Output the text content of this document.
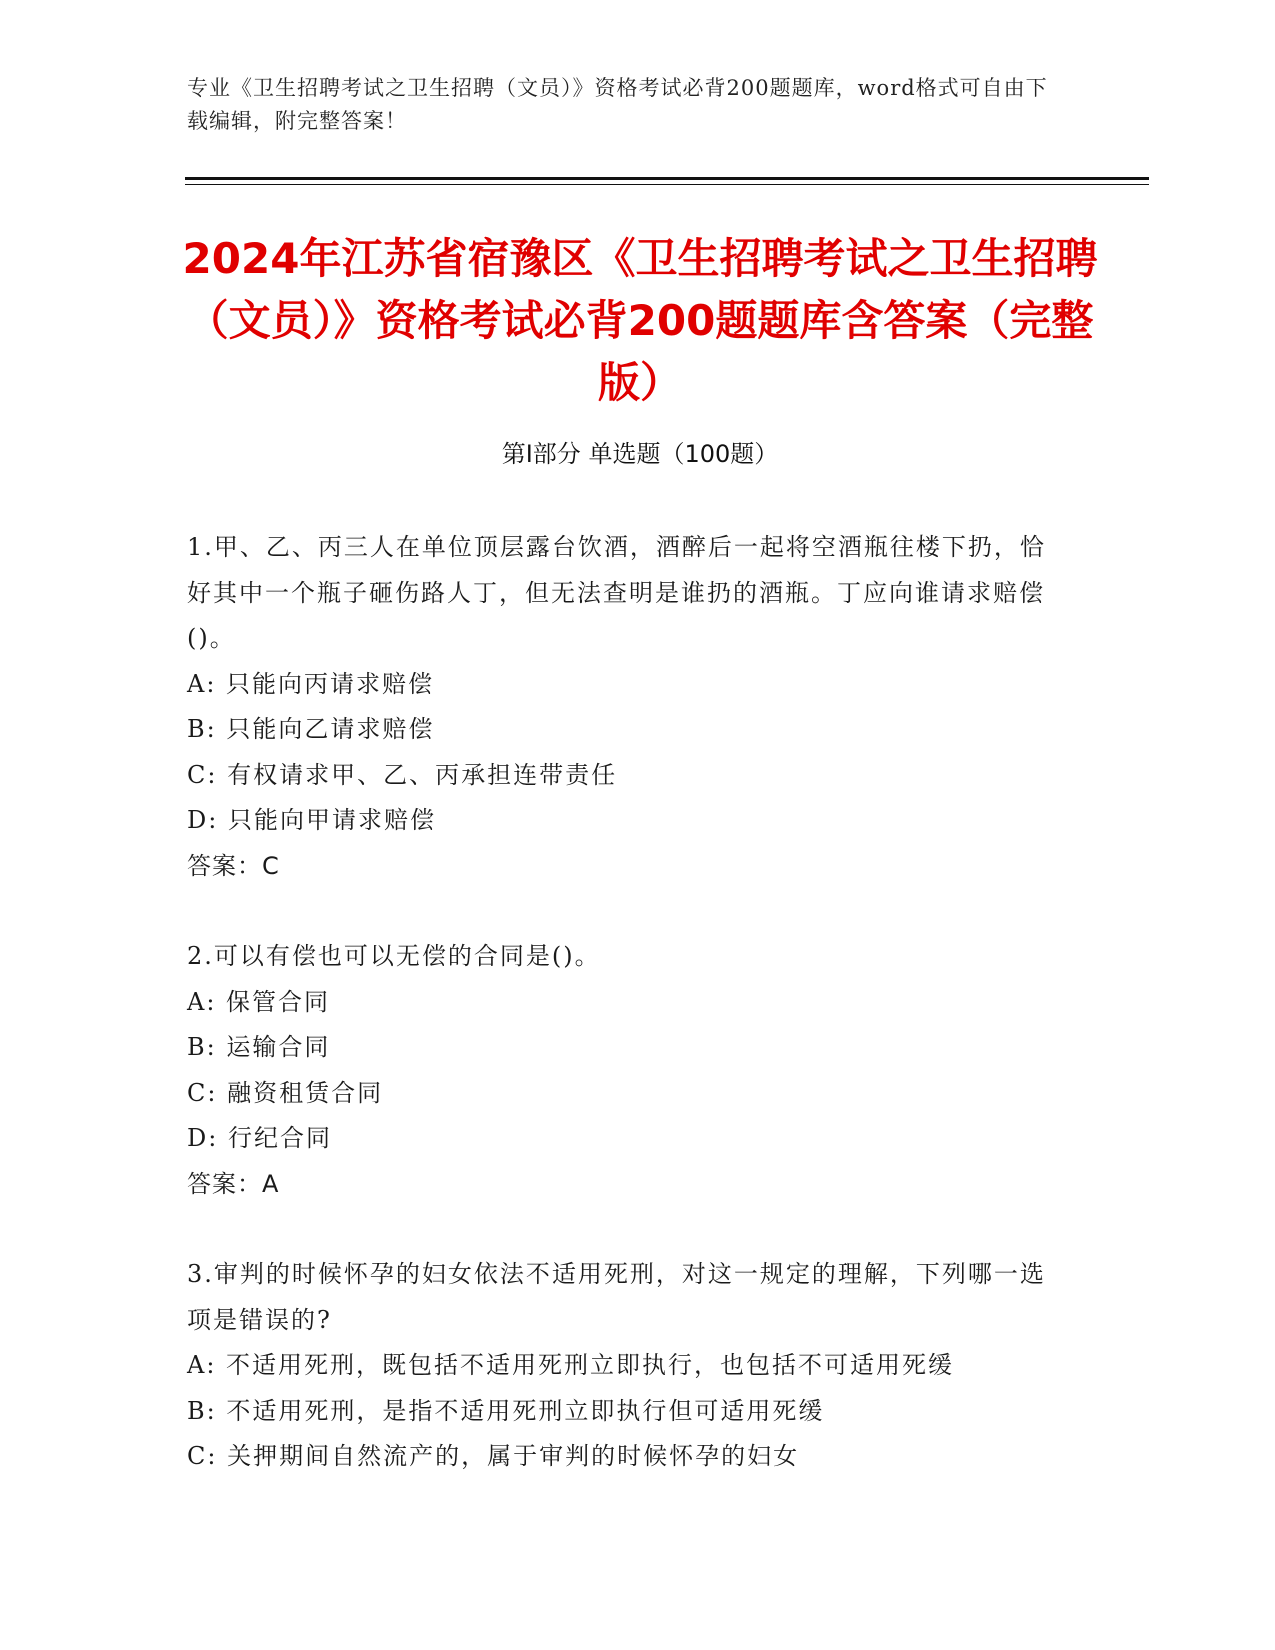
专业《卫生招聘考试之卫生招聘（文员）》资格考试必背200题题库，word格式可自由下载编辑，附完整答案！
2024年江苏省宿豫区《卫生招聘考试之卫生招聘（文员）》资格考试必背200题题库含答案（完整版）
第I部分 单选题（100题）
1.甲、乙、丙三人在单位顶层露台饮酒，酒醉后一起将空酒瓶往楼下扔，恰好其中一个瓶子砸伤路人丁，但无法查明是谁扔的酒瓶。丁应向谁请求赔偿()。
A: 只能向丙请求赔偿
B: 只能向乙请求赔偿
C: 有权请求甲、乙、丙承担连带责任
D: 只能向甲请求赔偿
答案：C
2.可以有偿也可以无偿的合同是()。
A: 保管合同
B: 运输合同
C: 融资租赁合同
D: 行纪合同
答案：A
3.审判的时候怀孕的妇女依法不适用死刑，对这一规定的理解，下列哪一选项是错误的?
A: 不适用死刑，既包括不适用死刑立即执行，也包括不可适用死缓
B: 不适用死刑，是指不适用死刑立即执行但可适用死缓
C: 关押期间自然流产的，属于审判的时候怀孕的妇女
